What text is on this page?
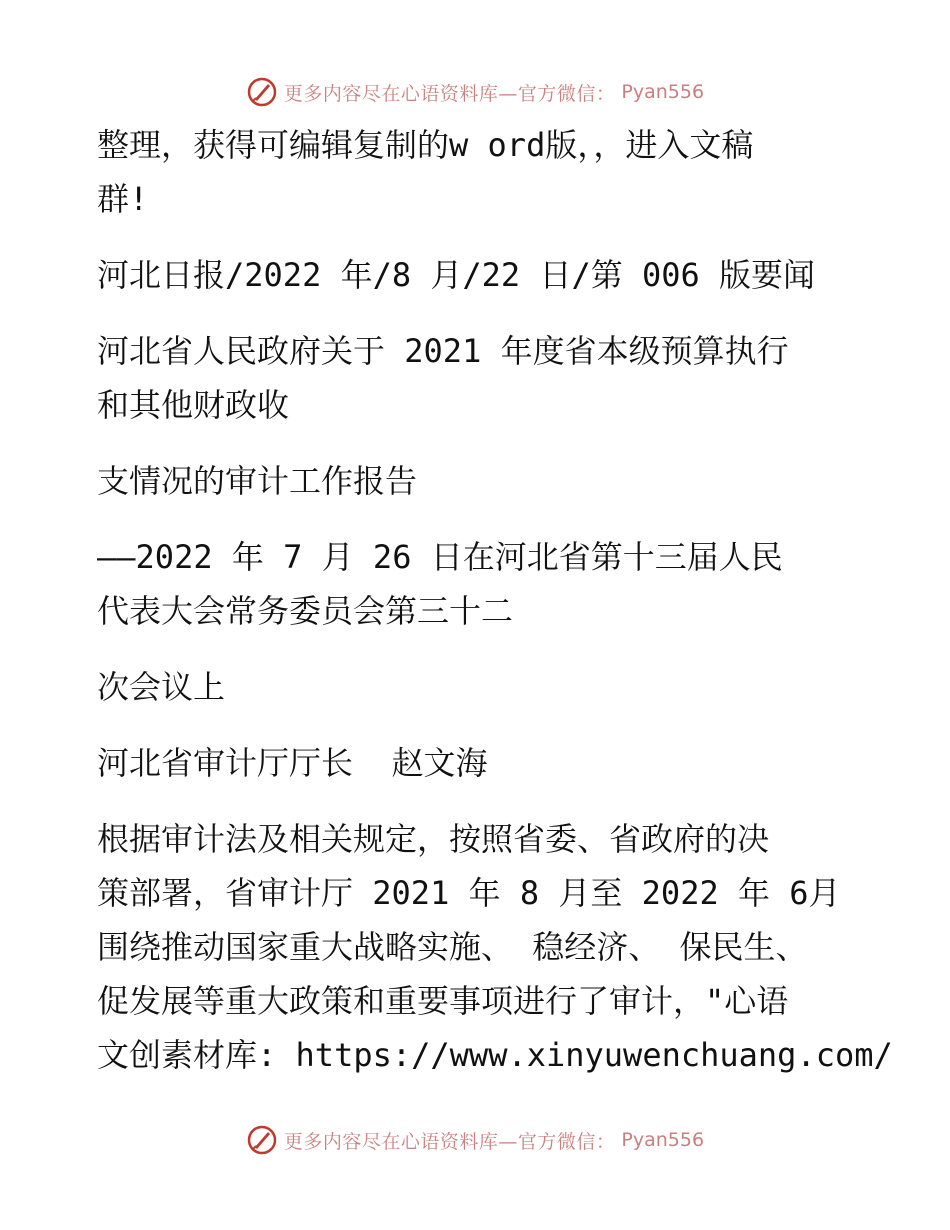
更多内容尽在心语资料库—官方微信： Pyan556

整理，获得可编辑复制的w ord版，，进入文稿

群!

河北日报/2022 年/8 月/22 日/第 006 版要闻

河北省人民政府关于 2021 年度省本级预算执行

和其他财政收

支情况的审计工作报告

——2022 年 7 月 26 日在河北省第十三届人民

代表大会常务委员会第三十二

次会议上

河北省审计厅厅长  赵文海

根据审计法及相关规定，按照省委、省政府的决

策部署，省审计厅 2021 年 8 月至 2022 年 6月

围绕推动国家重大战略实施、 稳经济、 保民生、

促发展等重大政策和重要事项进行了审计，"心语

文创素材库: https://www.xinyuwenchuang.com/

更多内容尽在心语资料库—官方微信： Pyan556
